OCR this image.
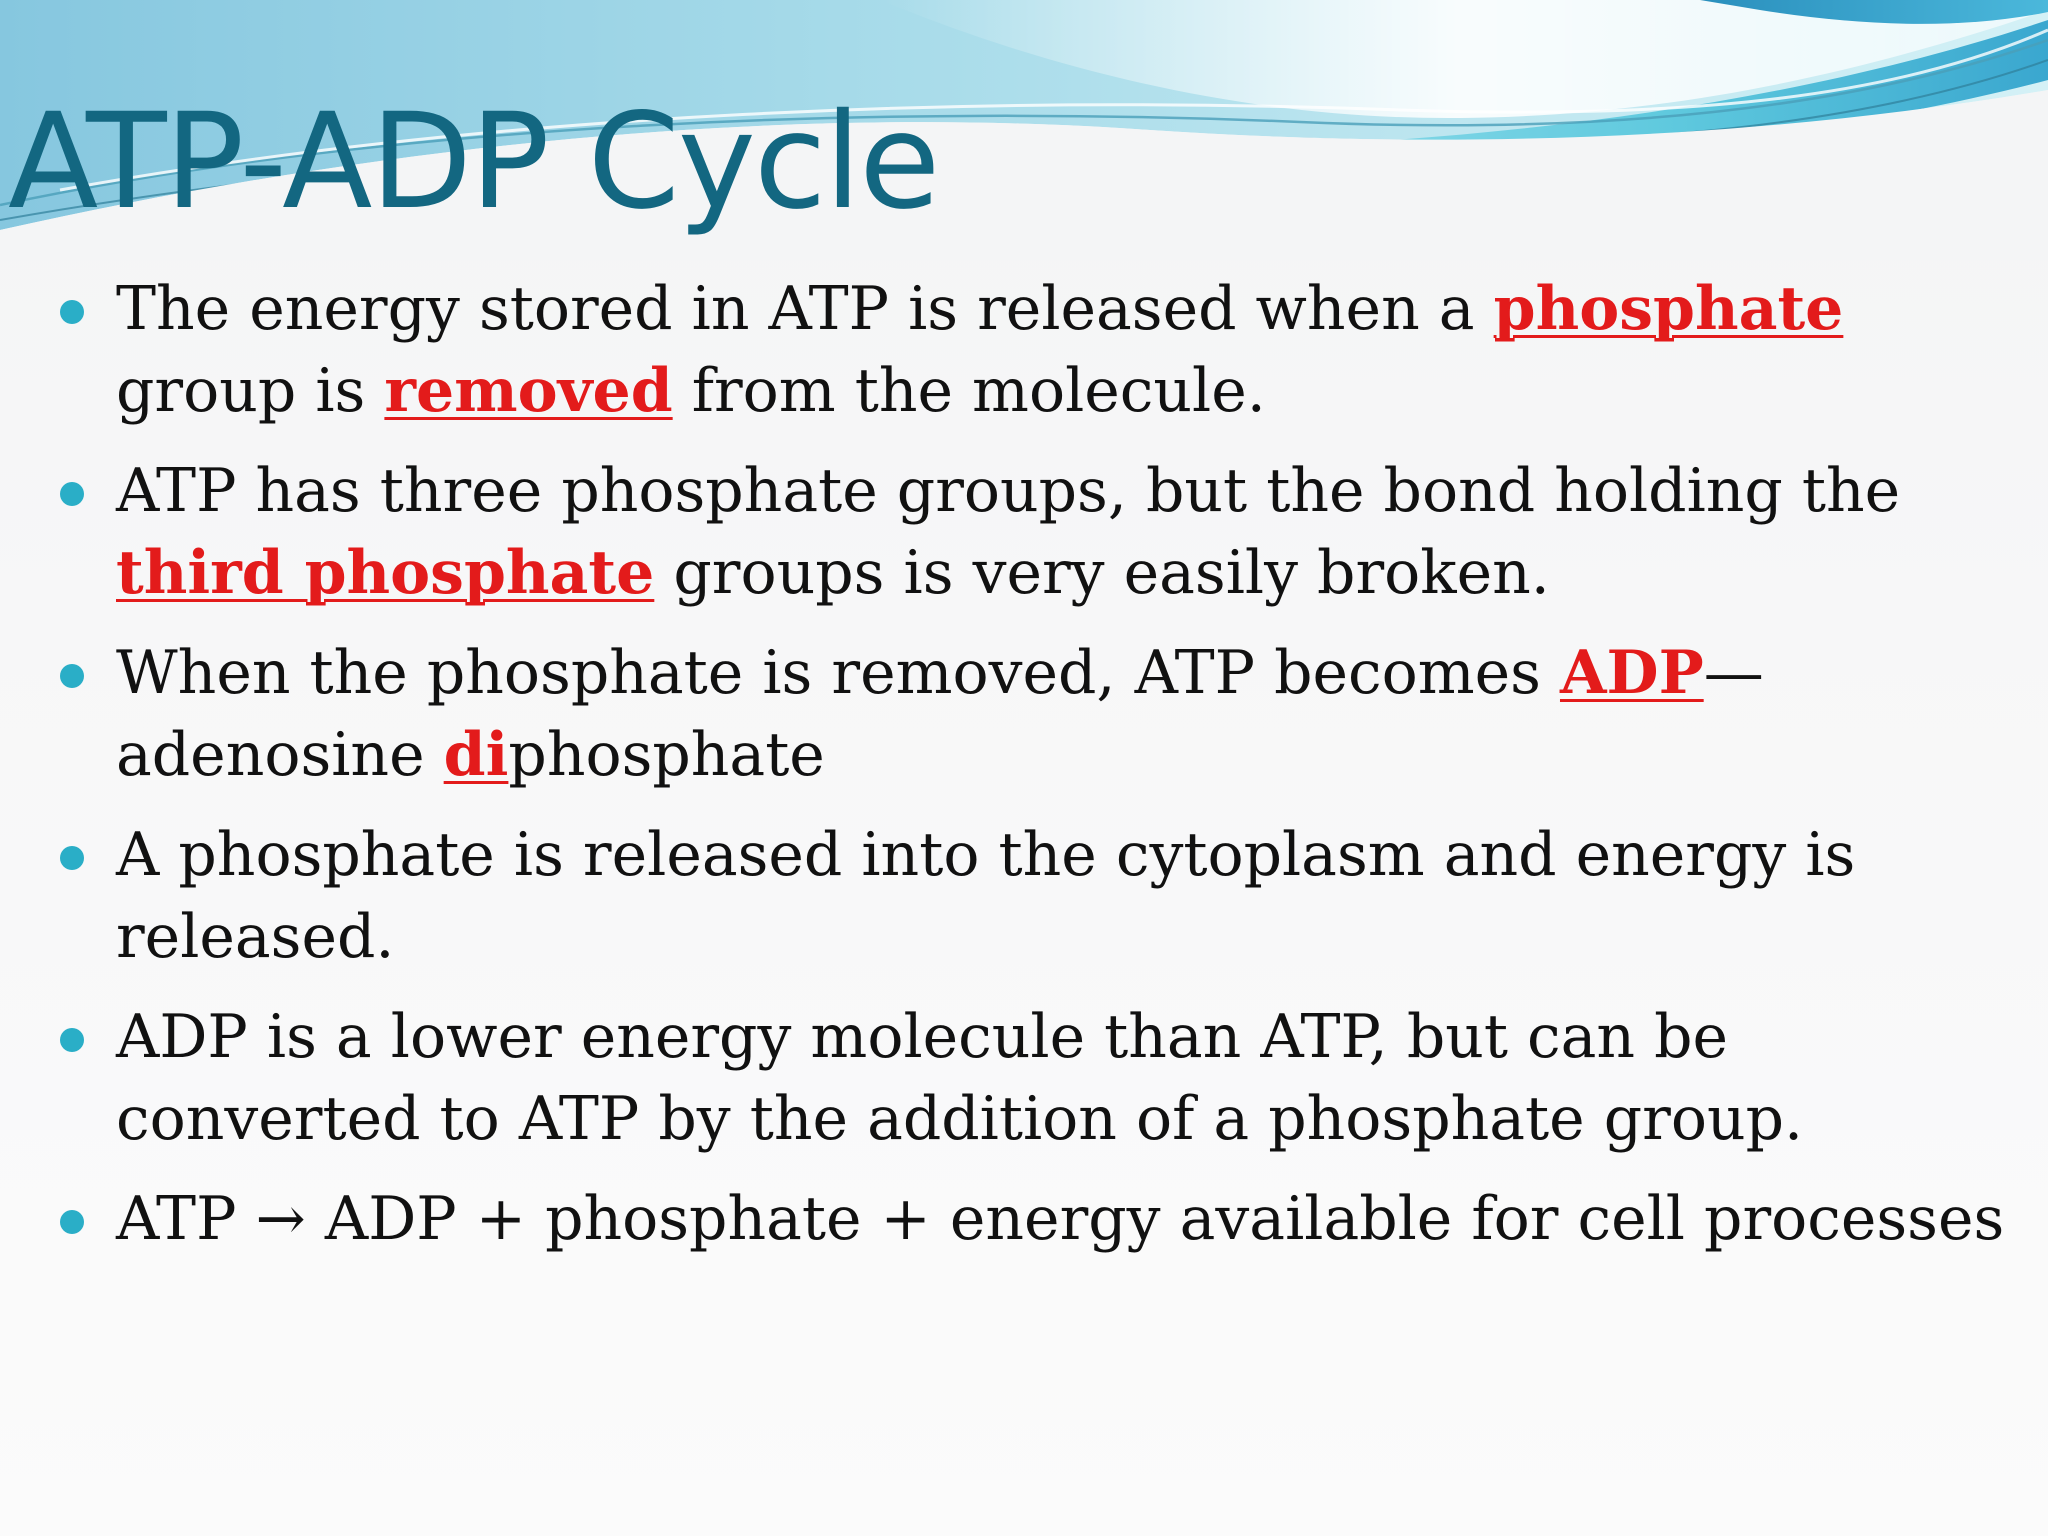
ATP-ADP Cycle
The energy stored in ATP is released when a phosphate group is removed from the molecule.
ATP has three phosphate groups, but the bond holding the third phosphate groups is very easily broken.
When the phosphate is removed, ATP becomes ADP— adenosine diphosphate
A phosphate is released into the cytoplasm and energy is released.
ADP is a lower energy molecule than ATP, but can be converted to ATP by the addition of a phosphate group.
ATP → ADP + phosphate + energy available for cell processes
